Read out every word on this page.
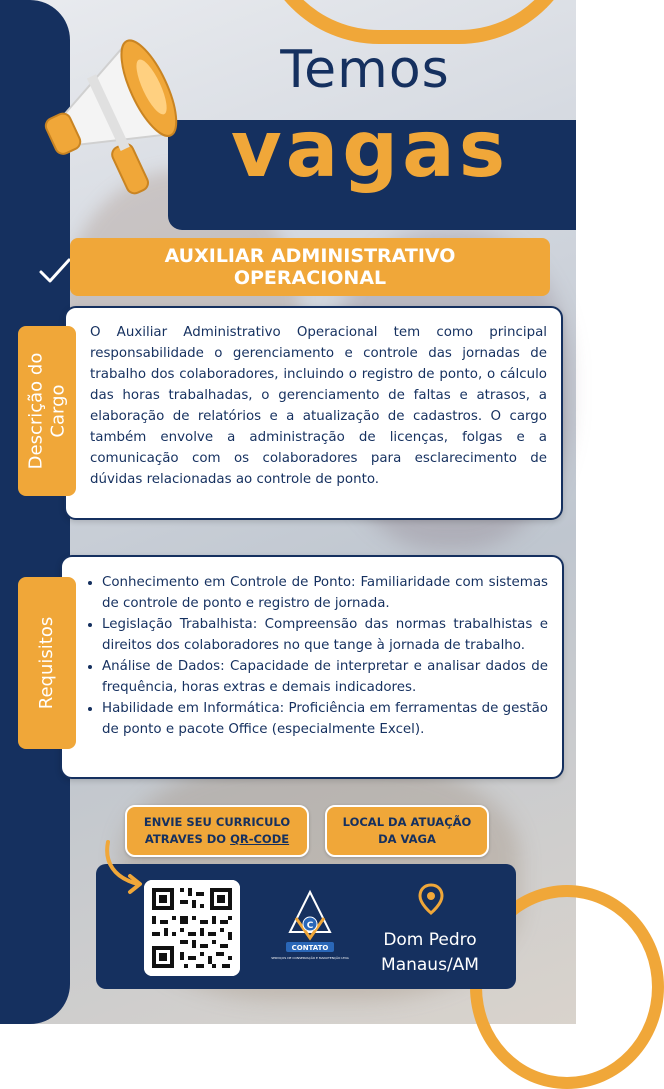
Temos
vagas
AUXILIAR ADMINISTRATIVO
OPERACIONAL
O Auxiliar Administrativo Operacional tem como principal responsabilidade o gerenciamento e controle das jornadas de trabalho dos colaboradores, incluindo o registro de ponto, o cálculo das horas trabalhadas, o gerenciamento de faltas e atrasos, a elaboração de relatórios e a atualização de cadastros. O cargo também envolve a administração de licenças, folgas e a comunicação com os colaboradores para esclarecimento de dúvidas relacionadas ao controle de ponto.
Descrição do Cargo
• Conhecimento em Controle de Ponto: Familiaridade com sistemas de controle de ponto e registro de jornada.
• Legislação Trabalhista: Compreensão das normas trabalhistas e direitos dos colaboradores no que tange à jornada de trabalho.
• Análise de Dados: Capacidade de interpretar e analisar dados de frequência, horas extras e demais indicadores.
• Habilidade em Informática: Proficiência em ferramentas de gestão de ponto e pacote Office (especialmente Excel).
Requisitos
ENVIE SEU CURRICULO
ATRAVES DO QR-CODE
LOCAL DA ATUAÇÃO
DA VAGA
C
CONTATO
SERVIÇOS DE CONSERVAÇÃO E MANUTENÇÃO LTDA
Dom Pedro
Manaus/AM
